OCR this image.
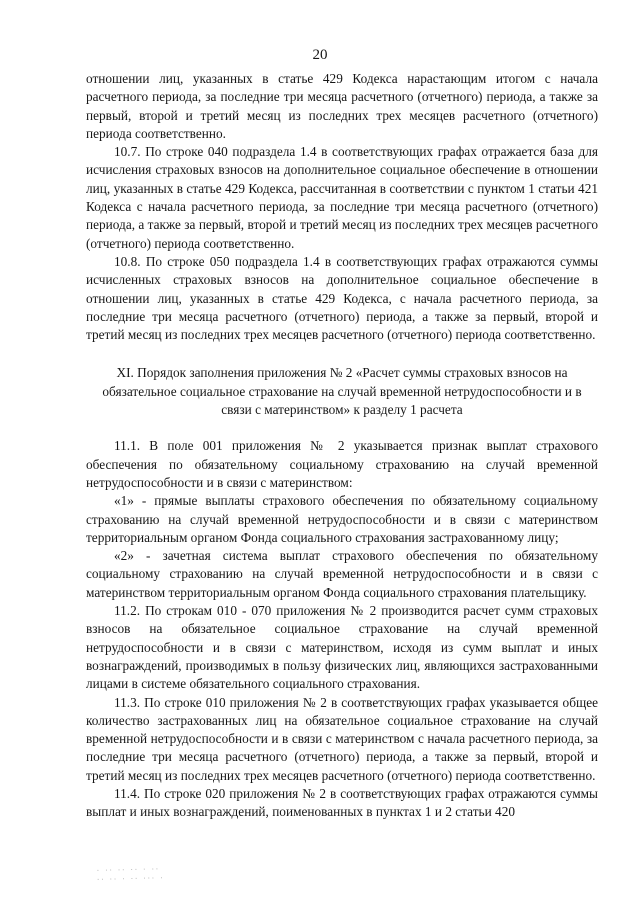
20

отношении лиц, указанных в статье 429 Кодекса нарастающим итогом с начала расчетного периода, за последние три месяца расчетного (отчетного) периода, а также за первый, второй и третий месяц из последних трех месяцев расчетного (отчетного) периода соответственно.

10.7. По строке 040 подраздела 1.4 в соответствующих графах отражается база для исчисления страховых взносов на дополнительное социальное обеспечение в отношении лиц, указанных в статье 429 Кодекса, рассчитанная в соответствии с пунктом 1 статьи 421 Кодекса с начала расчетного периода, за последние три месяца расчетного (отчетного) периода, а также за первый, второй и третий месяц из последних трех месяцев расчетного (отчетного) периода соответственно.

10.8. По строке 050 подраздела 1.4 в соответствующих графах отражаются суммы исчисленных страховых взносов на дополнительное социальное обеспечение в отношении лиц, указанных в статье 429 Кодекса, с начала расчетного периода, за последние три месяца расчетного (отчетного) периода, а также за первый, второй и третий месяц из последних трех месяцев расчетного (отчетного) периода соответственно.

XI. Порядок заполнения приложения № 2 «Расчет суммы страховых взносов на обязательное социальное страхование на случай временной нетрудоспособности и в связи с материнством» к разделу 1 расчета

11.1. В поле 001 приложения № 2 указывается признак выплат страхового обеспечения по обязательному социальному страхованию на случай временной нетрудоспособности и в связи с материнством:

«1» - прямые выплаты страхового обеспечения по обязательному социальному страхованию на случай временной нетрудоспособности и в связи с материнством территориальным органом Фонда социального страхования застрахованному лицу;

«2» - зачетная система выплат страхового обеспечения по обязательному социальному страхованию на случай временной нетрудоспособности и в связи с материнством территориальным органом Фонда социального страхования плательщику.

11.2. По строкам 010 - 070 приложения № 2 производится расчет сумм страховых взносов на обязательное социальное страхование на случай временной нетрудоспособности и в связи с материнством, исходя из сумм выплат и иных вознаграждений, производимых в пользу физических лиц, являющихся застрахованными лицами в системе обязательного социального страхования.

11.3. По строке 010 приложения № 2 в соответствующих графах указывается общее количество застрахованных лиц на обязательное социальное страхование на случай временной нетрудоспособности и в связи с материнством с начала расчетного периода, за последние три месяца расчетного (отчетного) периода, а также за первый, второй и третий месяц из последних трех месяцев расчетного (отчетного) периода соответственно.

11.4. По строке 020 приложения № 2 в соответствующих графах отражаются суммы выплат и иных вознаграждений, поименованных в пунктах 1 и 2 статьи 420

· ·· ·· ·· · ··
·· ·· · ·· ··· ·
